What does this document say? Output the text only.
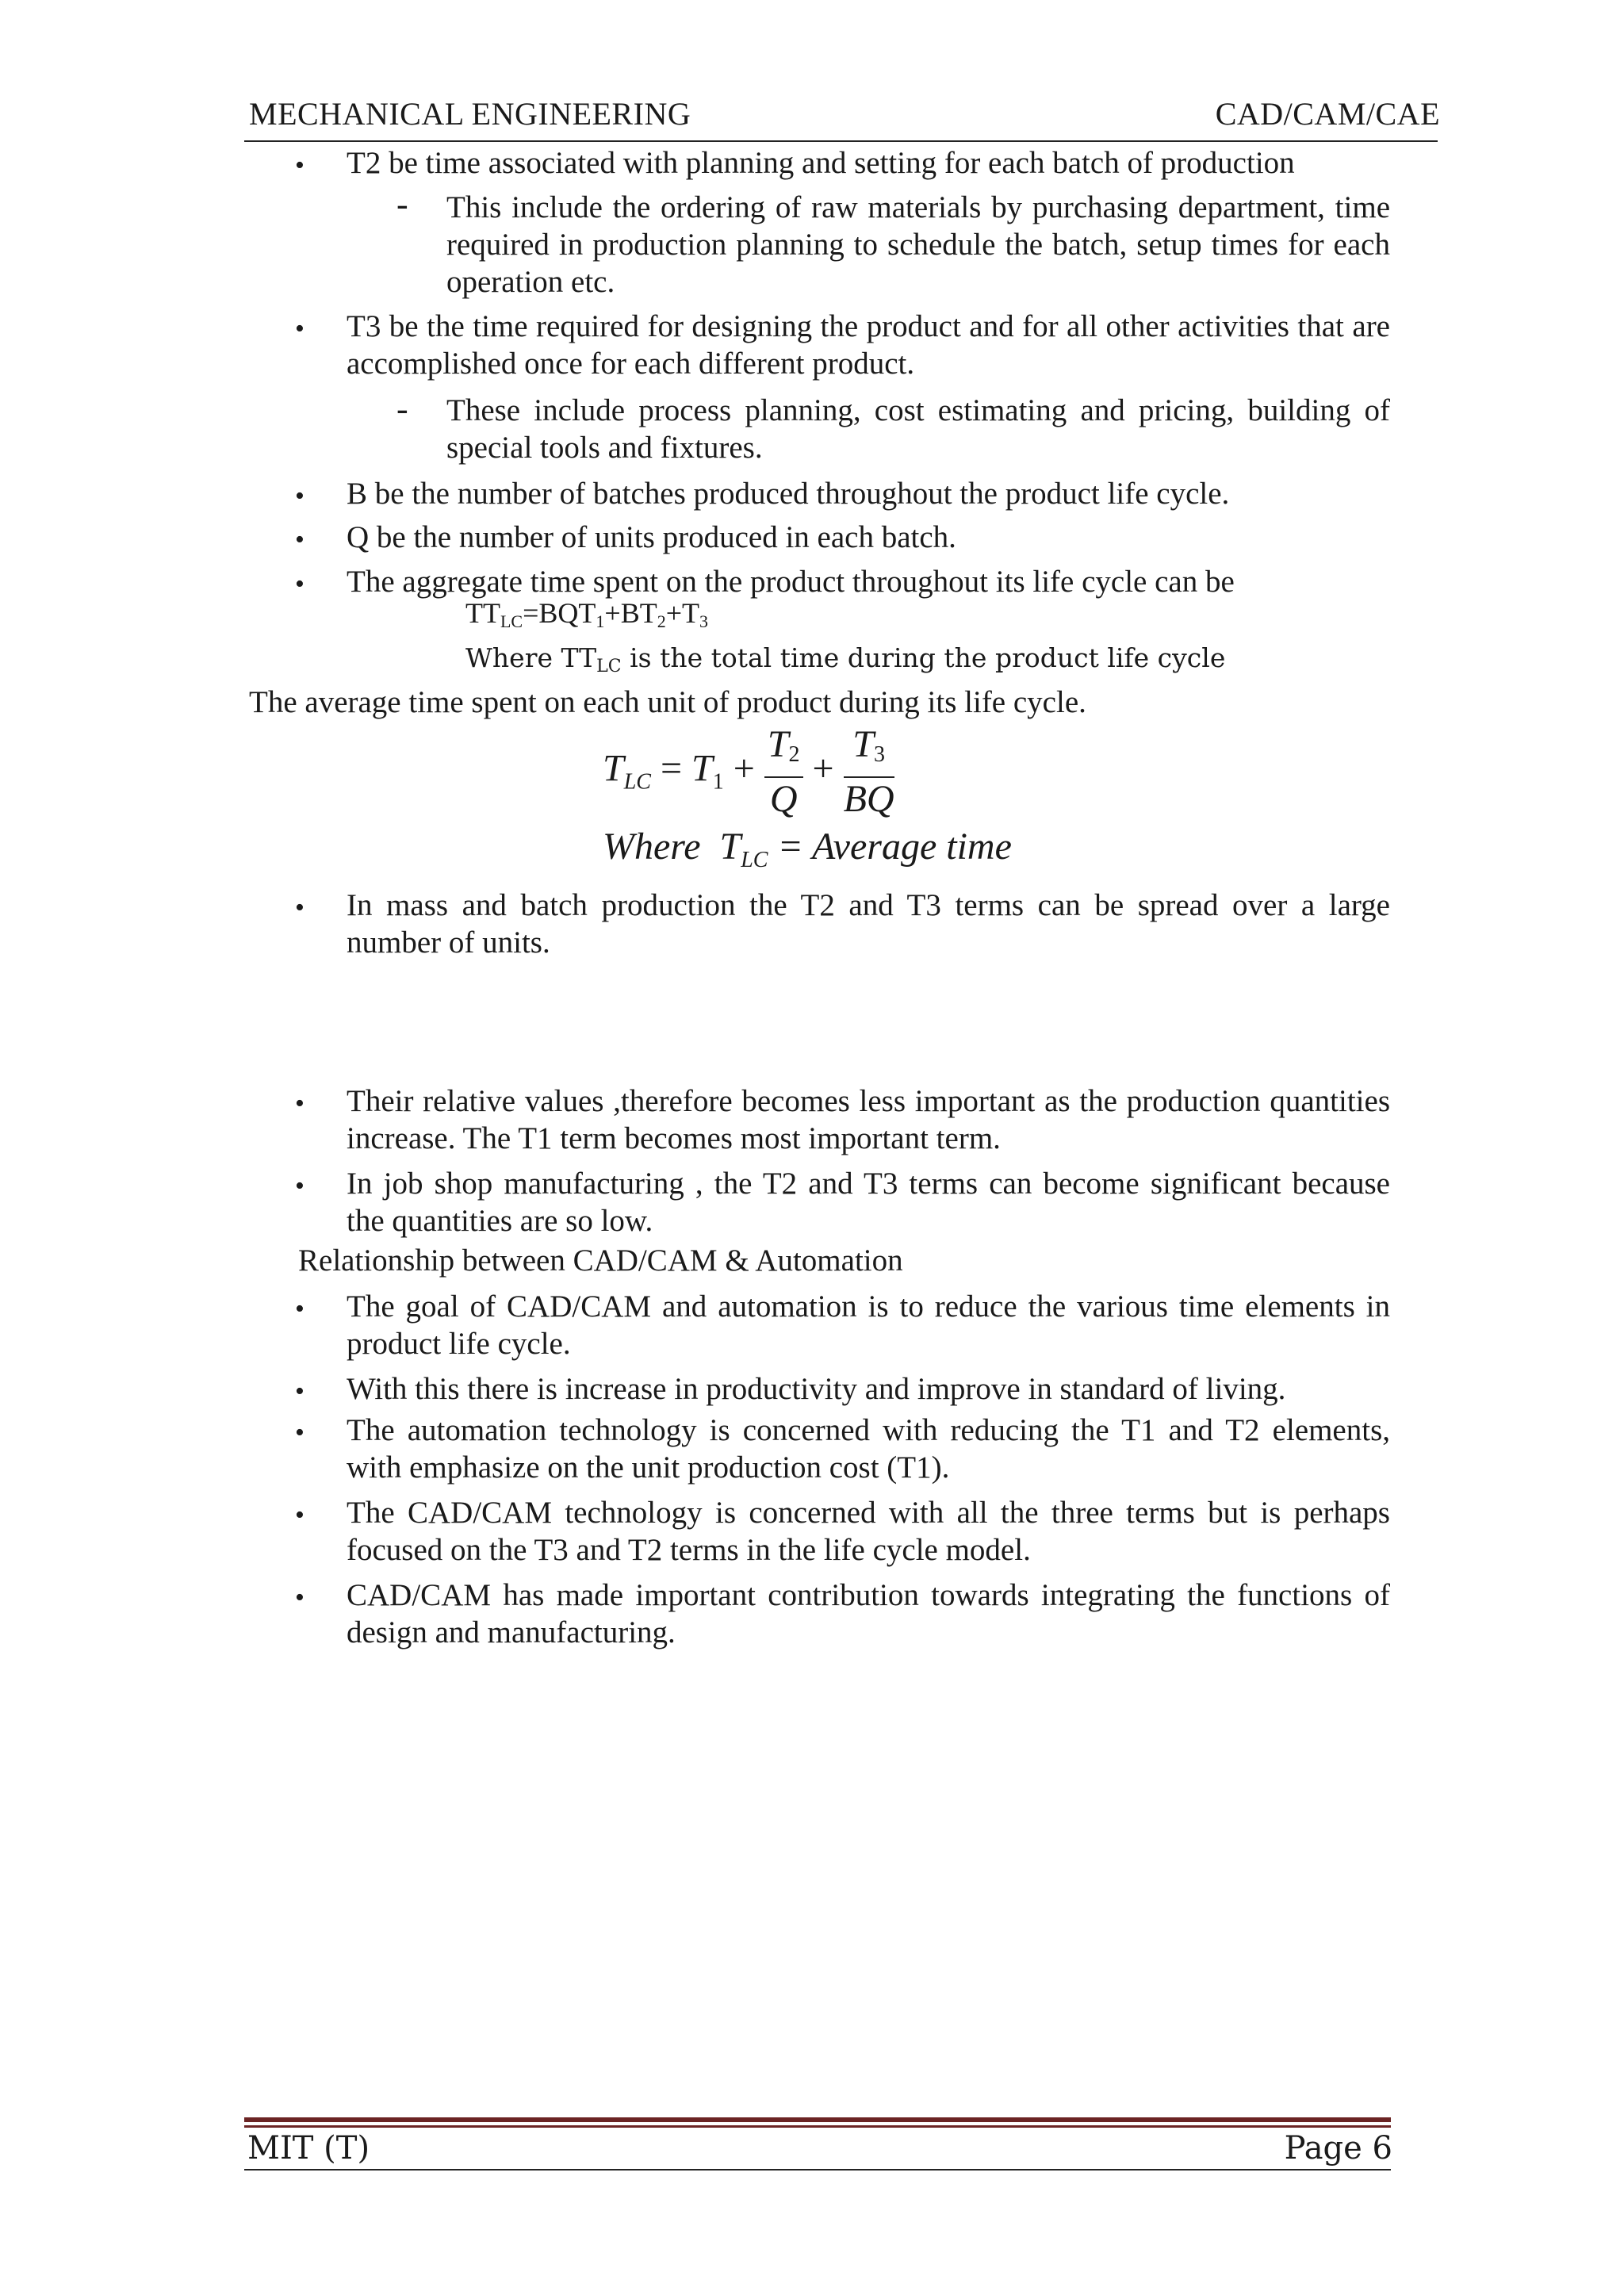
MECHANICAL ENGINEERING	CAD/CAM/CAE
• T2 be time associated with planning and setting for each batch of production
- This include the ordering of raw materials by purchasing department, time required in production planning to schedule the batch, setup times for each operation etc.
• T3 be the time required for designing the product and for all other activities that are accomplished once for each different product.
- These include process planning, cost estimating and pricing, building of special tools and fixtures.
• B be the number of batches produced throughout the product life cycle.
• Q be the number of units produced in each batch.
• The aggregate time spent on the product throughout its life cycle can be
$TT_{LC}=BQT_1+BT_2+T_3$
Where TTLC is the total time during the product life cycle
The average time spent on each unit of product during its life cycle.
$T_{LC} = T_1 + \frac{T_2}{Q} + \frac{T_3}{BQ}$
Where $T_{LC}$ = Average time
• In mass and batch production the T2 and T3 terms can be spread over a large number of units.
• Their relative values ,therefore becomes less important as the production quantities increase. The T1 term becomes most important term.
• In job shop manufacturing , the T2 and T3 terms can become significant because the quantities are so low.
Relationship between CAD/CAM & Automation
• The goal of CAD/CAM and automation is to reduce the various time elements in product life cycle.
• With this there is increase in productivity and improve in standard of living.
• The automation technology is concerned with reducing the T1 and T2 elements, with emphasize on the unit production cost (T1).
• The CAD/CAM technology is concerned with all the three terms but is perhaps focused on the T3 and T2 terms in the life cycle model.
• CAD/CAM has made important contribution towards integrating the functions of design and manufacturing.
MIT (T)	Page 6
